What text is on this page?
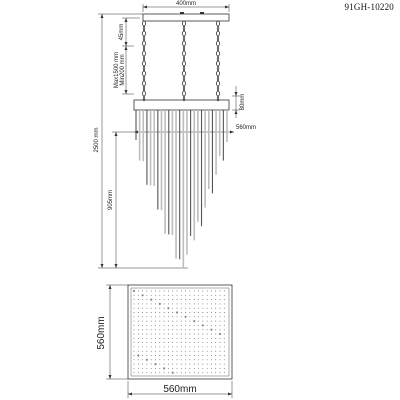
91GH-10220
400mm
45mm
Max1500 mm Min200 mm
80mm
560mm
2500 mm
905mm
560mm
560mm
